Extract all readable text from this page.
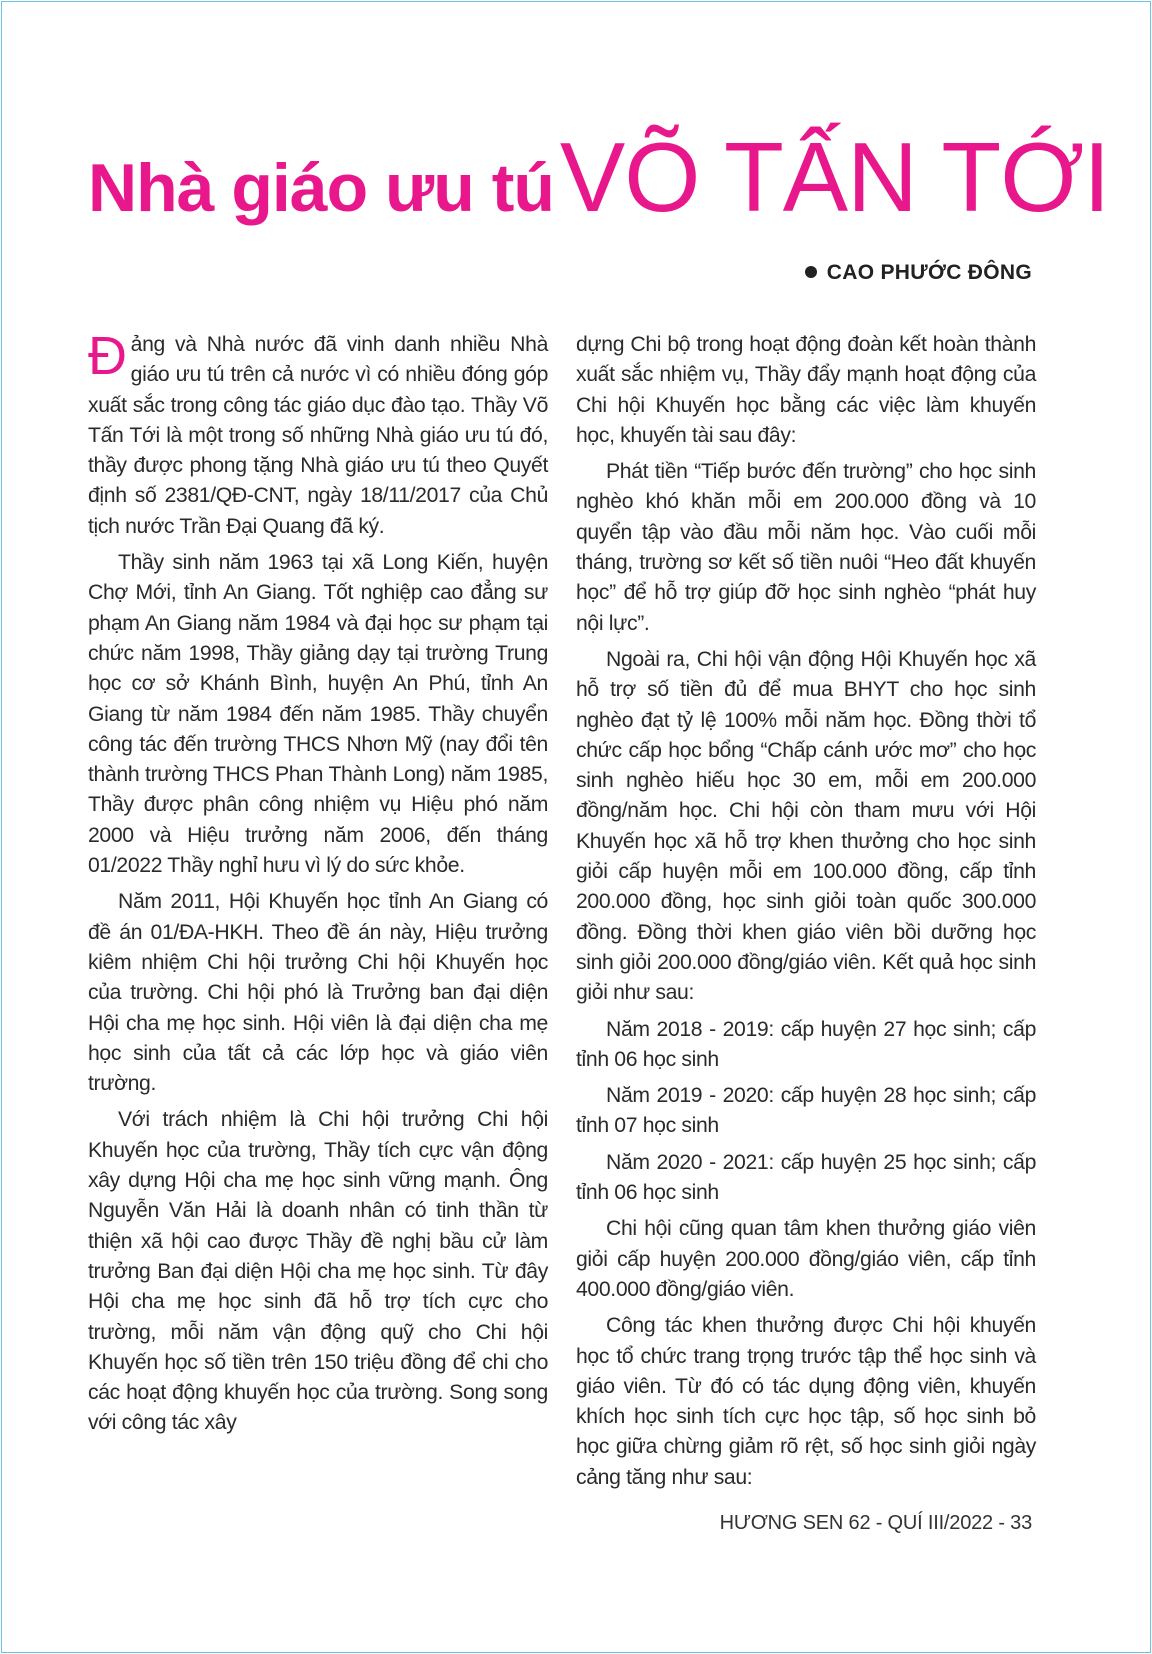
Nhà giáo ưu túVÕ TẤN TỚI
CAO PHƯỚC ĐÔNG

Đảng và Nhà nước đã vinh danh nhiều Nhà giáo ưu tú trên cả nước vì có nhiều đóng góp xuất sắc trong công tác giáo dục đào tạo. Thầy Võ Tấn Tới là một trong số những Nhà giáo ưu tú đó, thầy được phong tặng Nhà giáo ưu tú theo Quyết định số 2381/QĐ-CNT, ngày 18/11/2017 của Chủ tịch nước Trần Đại Quang đã ký.

Thầy sinh năm 1963 tại xã Long Kiến, huyện Chợ Mới, tỉnh An Giang. Tốt nghiệp cao đẳng sư phạm An Giang năm 1984 và đại học sư phạm tại chức năm 1998, Thầy giảng dạy tại trường Trung học cơ sở Khánh Bình, huyện An Phú, tỉnh An Giang từ năm 1984 đến năm 1985. Thầy chuyển công tác đến trường THCS Nhơn Mỹ (nay đổi tên thành trường THCS Phan Thành Long) năm 1985, Thầy được phân công nhiệm vụ Hiệu phó năm 2000 và Hiệu trưởng năm 2006, đến tháng 01/2022 Thầy nghỉ hưu vì lý do sức khỏe.

Năm 2011, Hội Khuyến học tỉnh An Giang có đề án 01/ĐA-HKH. Theo đề án này, Hiệu trưởng kiêm nhiệm Chi hội trưởng Chi hội Khuyến học của trường. Chi hội phó là Trưởng ban đại diện Hội cha mẹ học sinh. Hội viên là đại diện cha mẹ học sinh của tất cả các lớp học và giáo viên trường.

Với trách nhiệm là Chi hội trưởng Chi hội Khuyến học của trường, Thầy tích cực vận động xây dựng Hội cha mẹ học sinh vững mạnh. Ông Nguyễn Văn Hải là doanh nhân có tinh thần từ thiện xã hội cao được Thầy đề nghị bầu cử làm trưởng Ban đại diện Hội cha mẹ học sinh. Từ đây Hội cha mẹ học sinh đã hỗ trợ tích cực cho trường, mỗi năm vận động quỹ cho Chi hội Khuyến học số tiền trên 150 triệu đồng để chi cho các hoạt động khuyến học của trường. Song song với công tác xây

dựng Chi bộ trong hoạt động đoàn kết hoàn thành xuất sắc nhiệm vụ, Thầy đẩy mạnh hoạt động của Chi hội Khuyến học bằng các việc làm khuyến học, khuyến tài sau đây:

Phát tiền “Tiếp bước đến trường” cho học sinh nghèo khó khăn mỗi em 200.000 đồng và 10 quyển tập vào đầu mỗi năm học. Vào cuối mỗi tháng, trường sơ kết số tiền nuôi “Heo đất khuyến học” để hỗ trợ giúp đỡ học sinh nghèo “phát huy nội lực”.

Ngoài ra, Chi hội vận động Hội Khuyến học xã hỗ trợ số tiền đủ để mua BHYT cho học sinh nghèo đạt tỷ lệ 100% mỗi năm học. Đồng thời tổ chức cấp học bổng “Chấp cánh ước mơ” cho học sinh nghèo hiếu học 30 em, mỗi em 200.000 đồng/năm học. Chi hội còn tham mưu với Hội Khuyến học xã hỗ trợ khen thưởng cho học sinh giỏi cấp huyện mỗi em 100.000 đồng, cấp tỉnh 200.000 đồng, học sinh giỏi toàn quốc 300.000 đồng. Đồng thời khen giáo viên bồi dưỡng học sinh giỏi 200.000 đồng/giáo viên. Kết quả học sinh giỏi như sau:

Năm 2018 - 2019: cấp huyện 27 học sinh; cấp tỉnh 06 học sinh

Năm 2019 - 2020: cấp huyện 28 học sinh; cấp tỉnh 07 học sinh

Năm 2020 - 2021: cấp huyện 25 học sinh; cấp tỉnh 06 học sinh

Chi hội cũng quan tâm khen thưởng giáo viên giỏi cấp huyện 200.000 đồng/giáo viên, cấp tỉnh 400.000 đồng/giáo viên.

Công tác khen thưởng được Chi hội khuyến học tổ chức trang trọng trước tập thể học sinh và giáo viên. Từ đó có tác dụng động viên, khuyến khích học sinh tích cực học tập, số học sinh bỏ học giữa chừng giảm rõ rệt, số học sinh giỏi ngày cảng tăng như sau:

HƯƠNG SEN 62 - QUÍ III/2022 - 33
